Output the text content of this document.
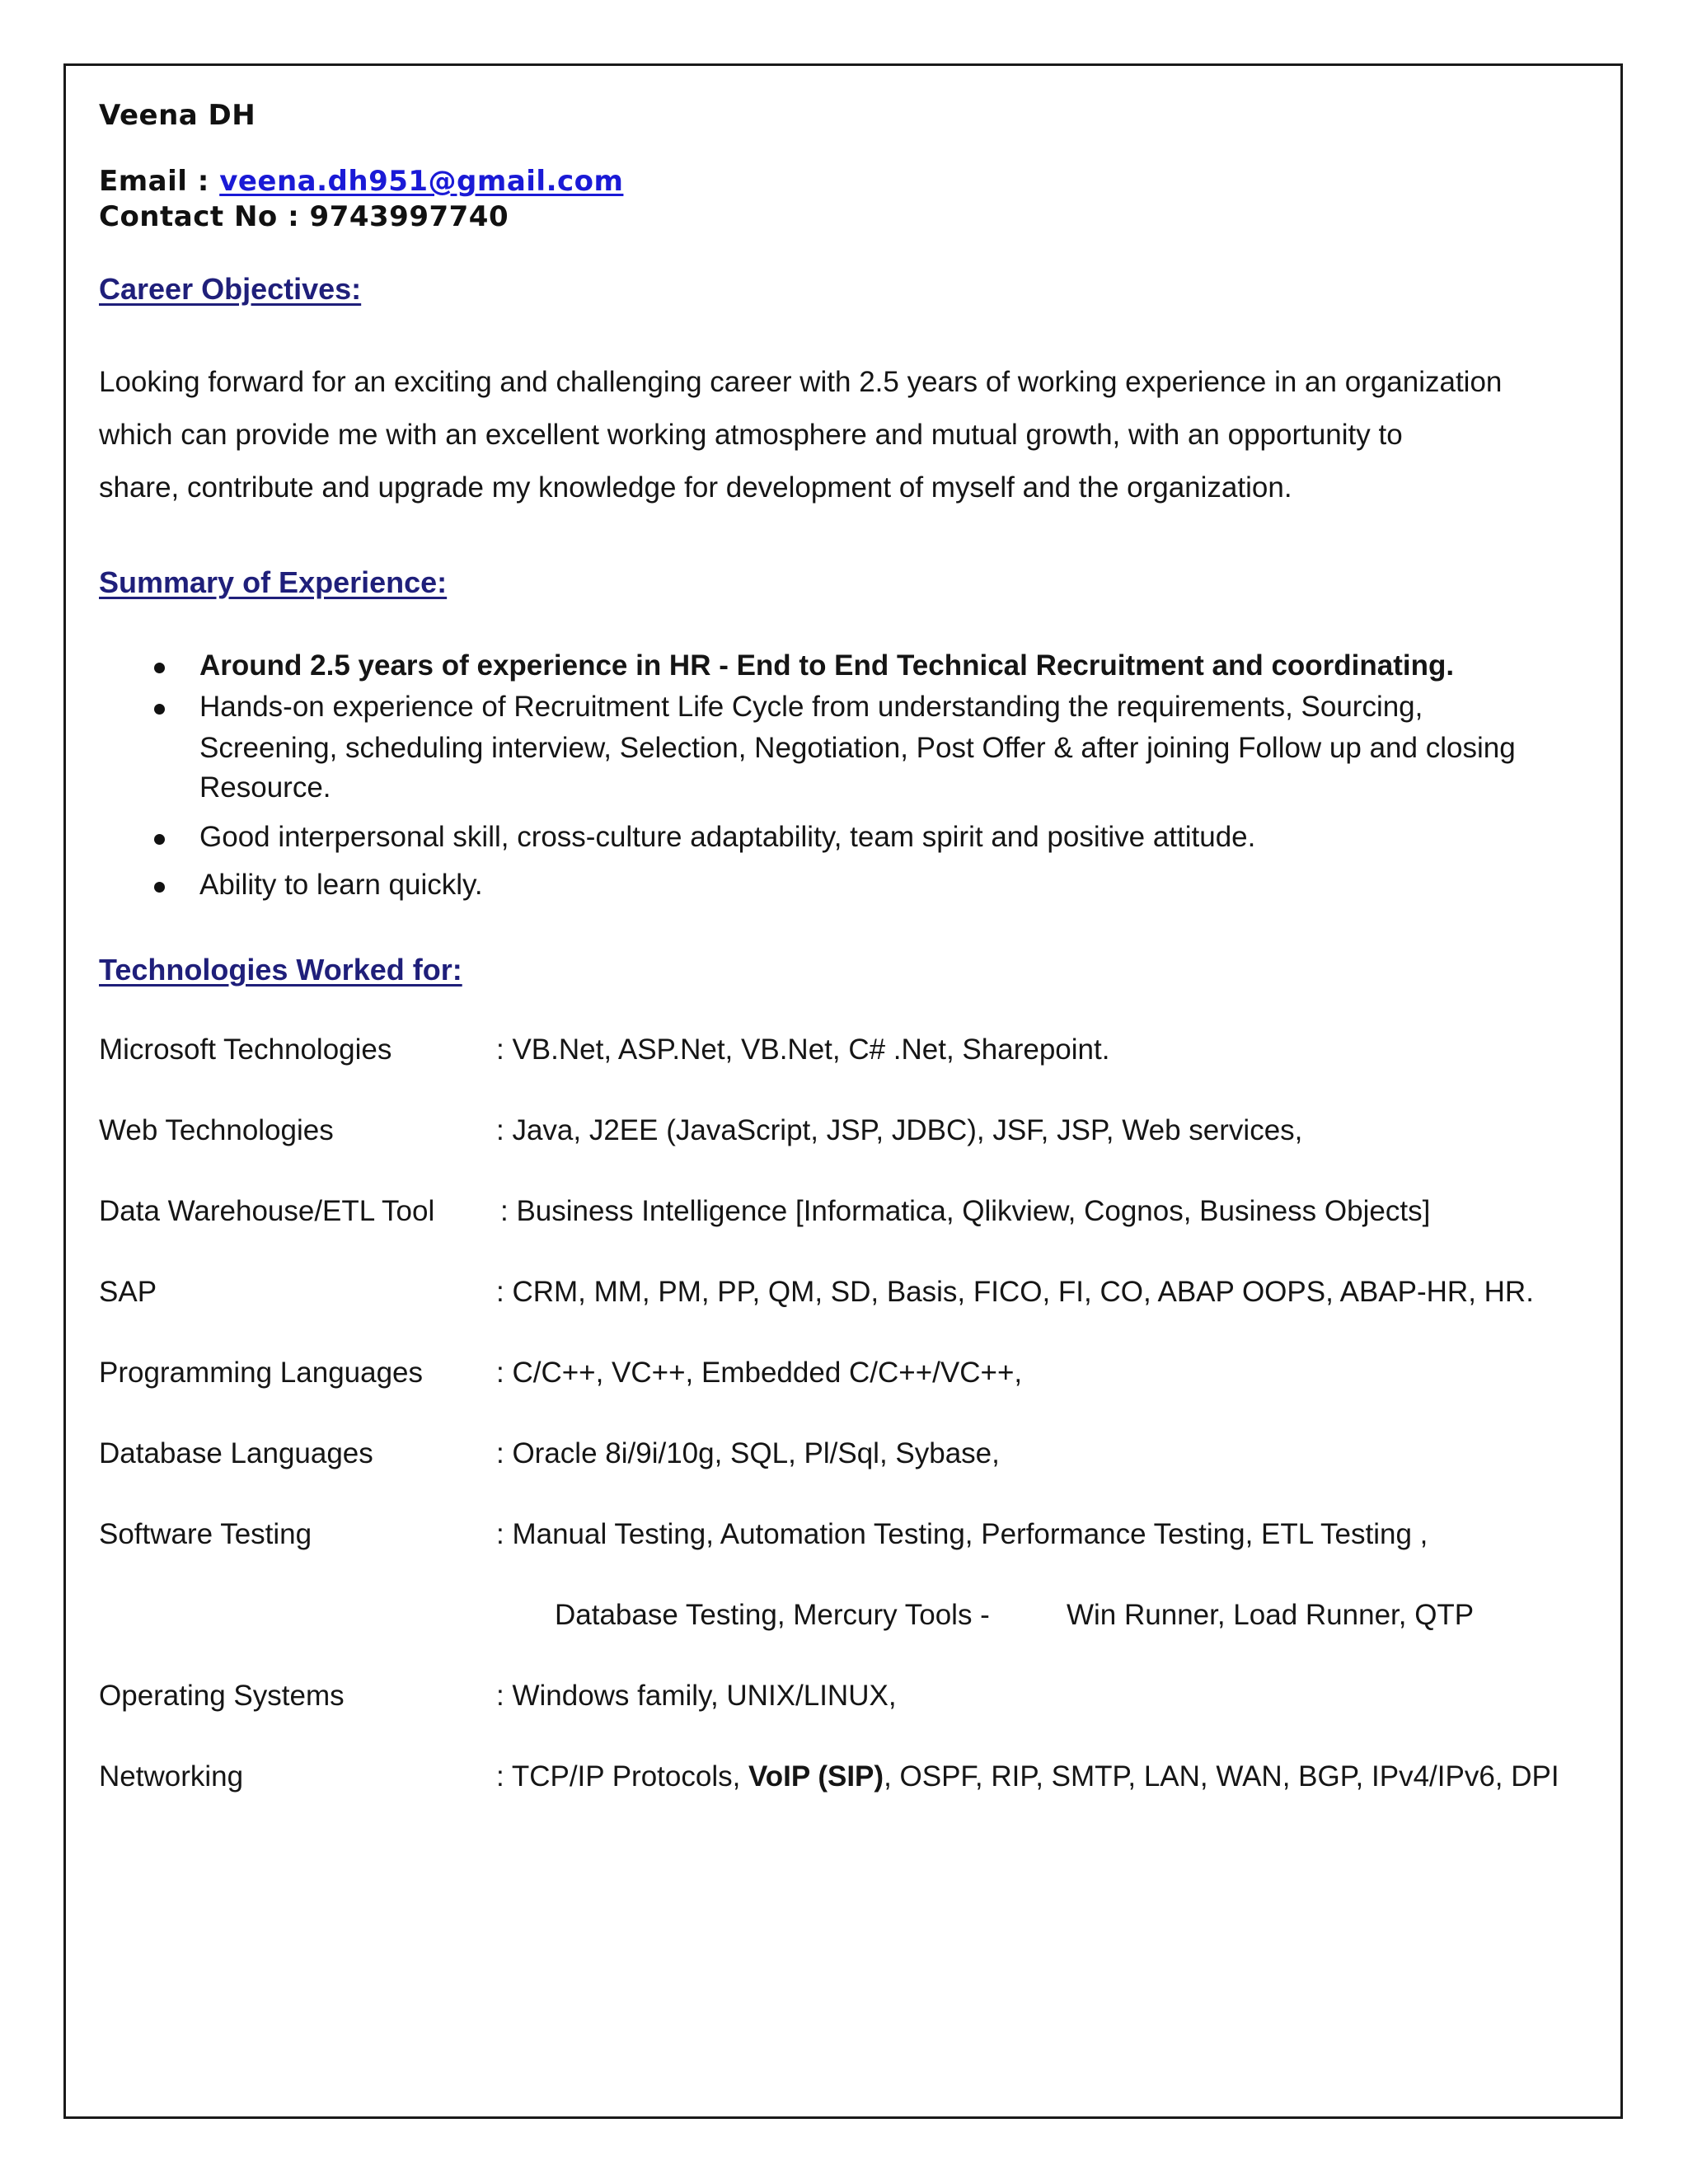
Veena DH
Email : veena.dh951@gmail.com
Contact No : 9743997740
Career Objectives:
Looking forward for an exciting and challenging career with 2.5 years of working experience in an organization
which can provide me with an excellent working atmosphere and mutual growth, with an opportunity to
share, contribute and upgrade my knowledge for development of myself and the organization.
Summary of Experience:
Around 2.5 years of experience in HR - End to End Technical Recruitment and coordinating.
Hands-on experience of Recruitment Life Cycle from understanding the requirements, Sourcing,
Screening, scheduling interview, Selection, Negotiation, Post Offer & after joining Follow up and closing
Resource.
Good interpersonal skill, cross-culture adaptability, team spirit and positive attitude.
Ability to learn quickly.
Technologies Worked for:
Microsoft Technologies	: VB.Net, ASP.Net, VB.Net, C# .Net, Sharepoint.
Web Technologies	: Java, J2EE (JavaScript, JSP, JDBC), JSF, JSP, Web services,
Data Warehouse/ETL Tool : Business Intelligence [Informatica, Qlikview, Cognos, Business Objects]
SAP	: CRM, MM, PM, PP, QM, SD, Basis, FICO, FI, CO, ABAP OOPS, ABAP-HR, HR.
Programming Languages	: C/C++, VC++, Embedded C/C++/VC++,
Database Languages	: Oracle 8i/9i/10g, SQL, Pl/Sql, Sybase,
Software Testing	: Manual Testing, Automation Testing, Performance Testing, ETL Testing ,
Database Testing, Mercury Tools -	Win Runner, Load Runner, QTP
Operating Systems	: Windows family, UNIX/LINUX,
Networking	: TCP/IP Protocols, VoIP (SIP), OSPF, RIP, SMTP, LAN, WAN, BGP, IPv4/IPv6, DPI
